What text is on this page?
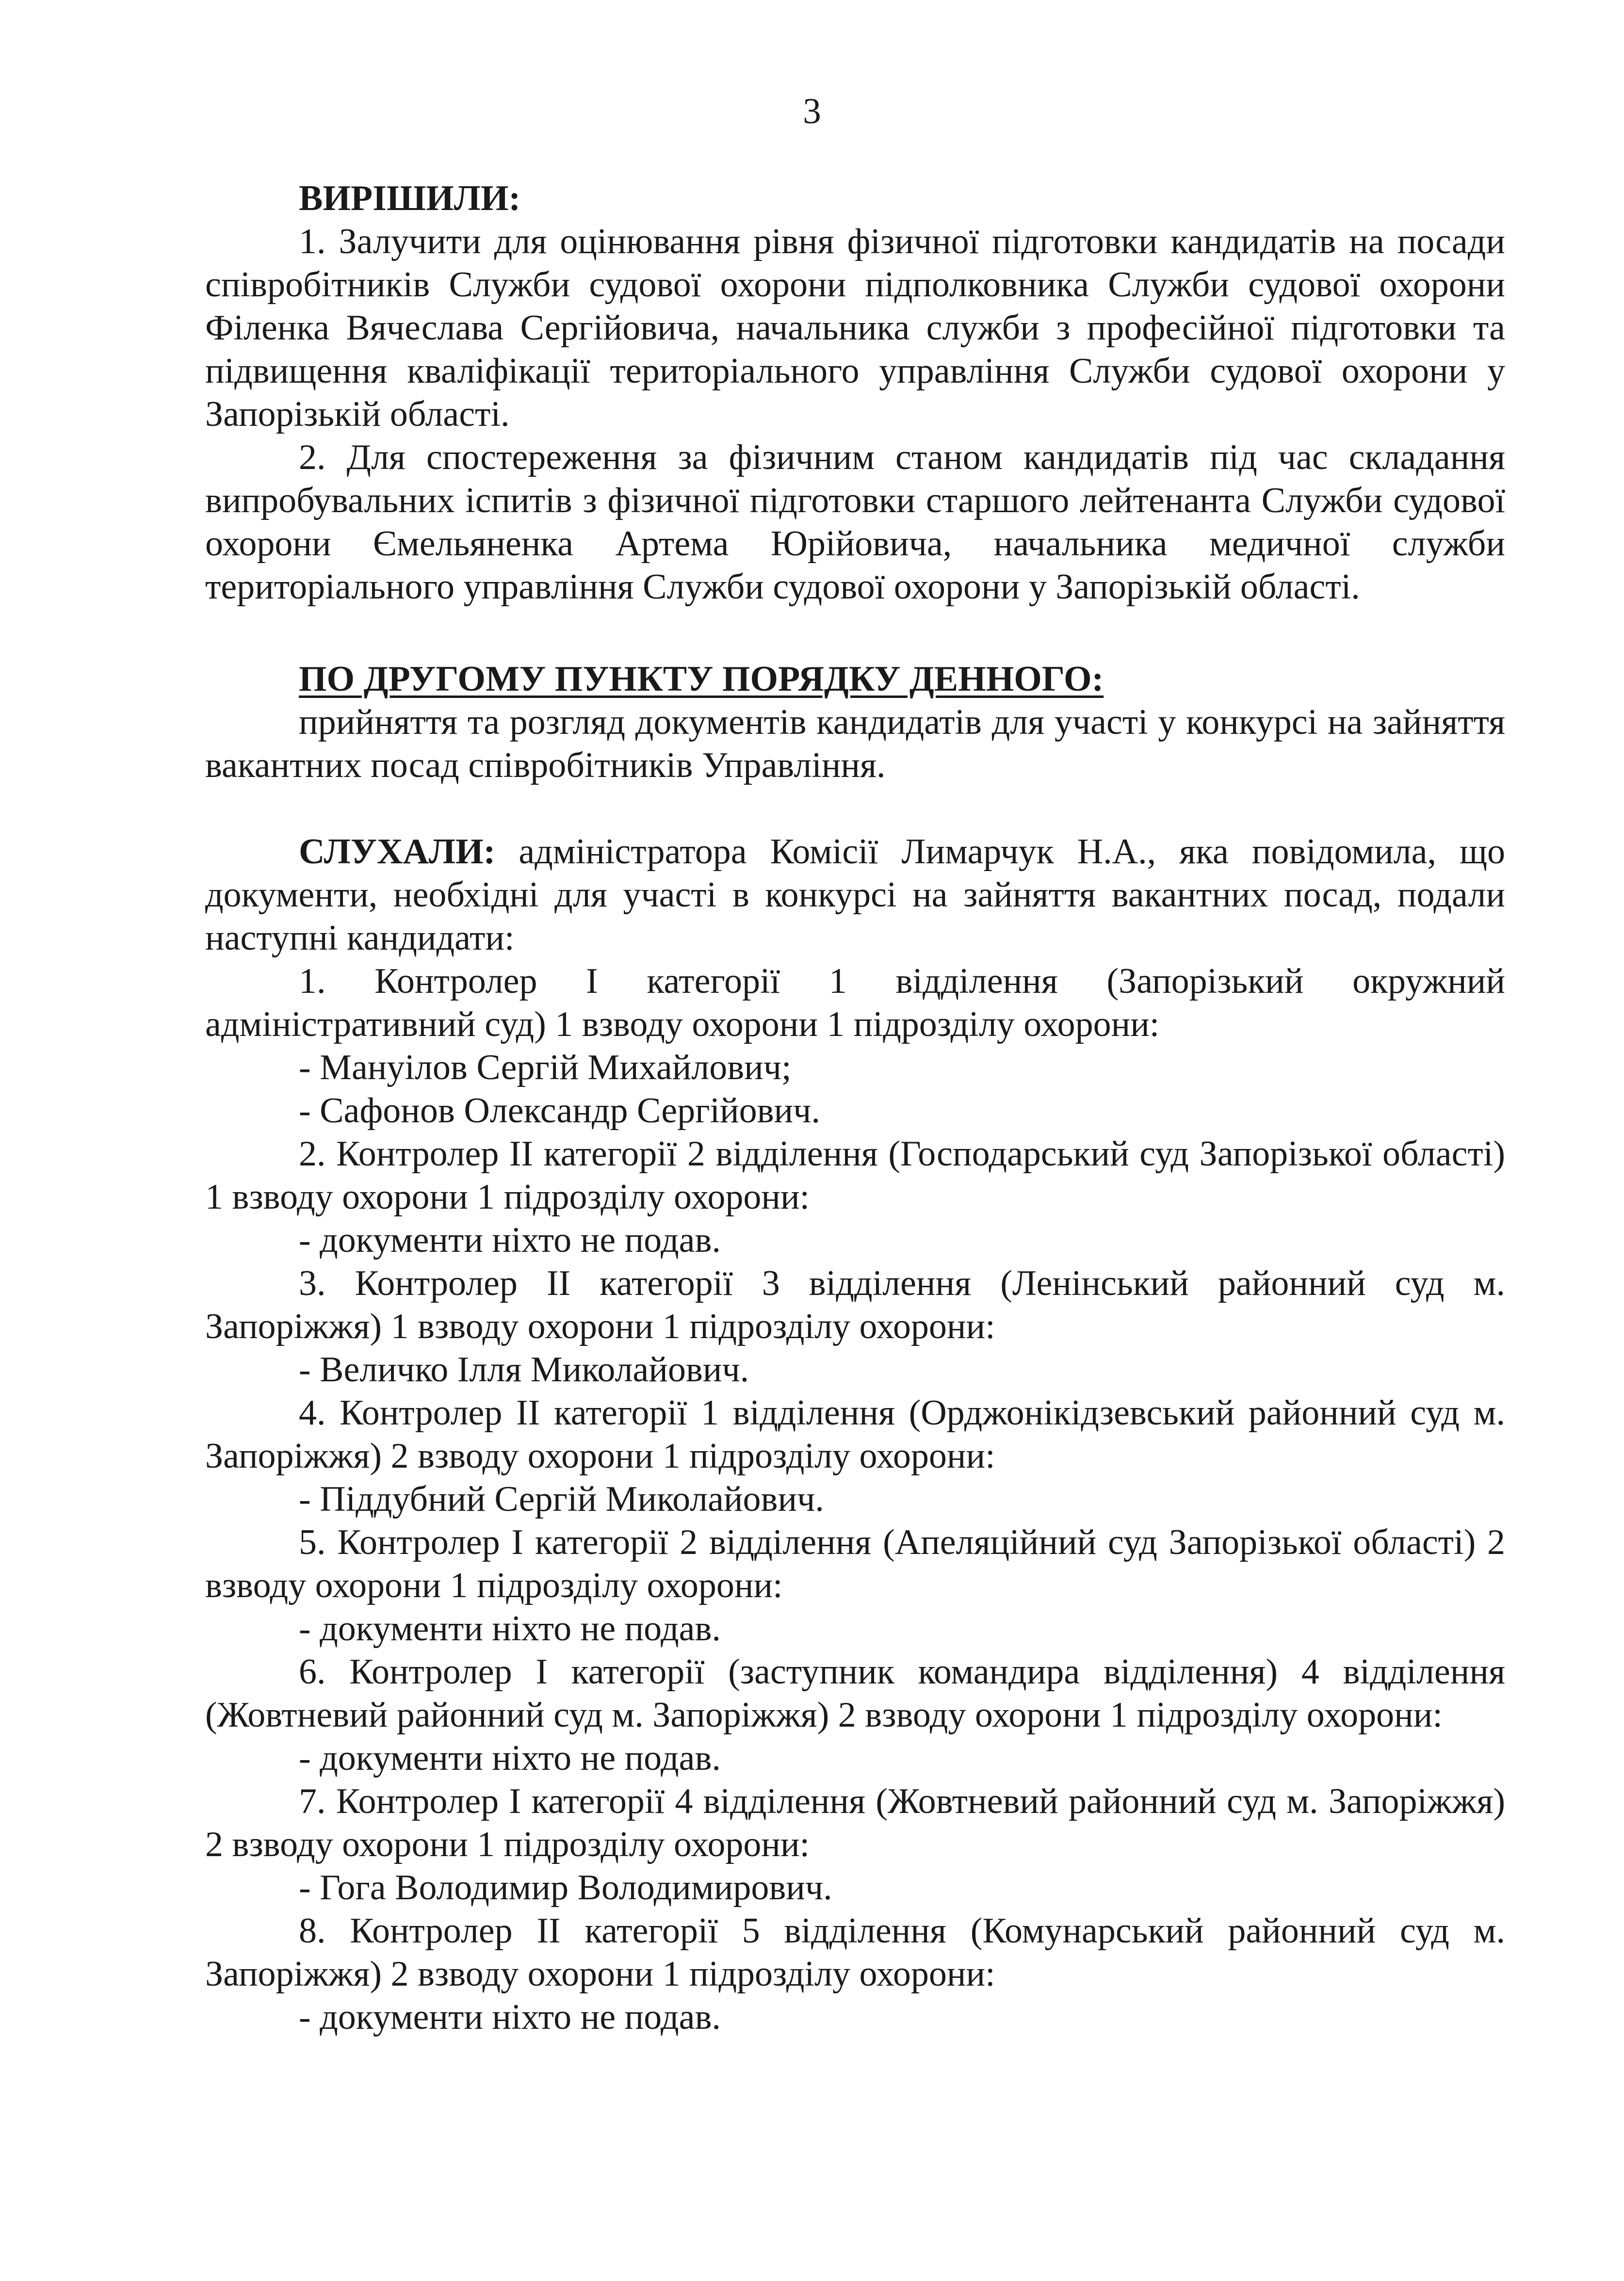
3

ВИРІШИЛИ:

1. Залучити для оцінювання рівня фізичної підготовки кандидатів на посади співробітників Служби судової охорони підполковника Служби судової охорони Філенка Вячеслава Сергійовича, начальника служби з професійної підготовки та підвищення кваліфікації територіального управління Служби судової охорони у Запорізькій області.

2. Для спостереження за фізичним станом кандидатів під час складання випробувальних іспитів з фізичної підготовки старшого лейтенанта Служби судової охорони Ємельяненка Артема Юрійовича, начальника медичної служби територіального управління Служби судової охорони у Запорізькій області.

ПО ДРУГОМУ ПУНКТУ ПОРЯДКУ ДЕННОГО:

прийняття та розгляд документів кандидатів для участі у конкурсі на зайняття вакантних посад співробітників Управління.

СЛУХАЛИ: адміністратора Комісії Лимарчук Н.А., яка повідомила, що документи, необхідні для участі в конкурсі на зайняття вакантних посад, подали наступні кандидати:

1. Контролер І категорії 1 відділення (Запорізький окружний адміністративний суд) 1 взводу охорони 1 підрозділу охорони:

- Мануілов Сергій Михайлович;

- Сафонов Олександр Сергійович.

2. Контролер ІІ категорії 2 відділення (Господарський суд Запорізької області) 1 взводу охорони 1 підрозділу охорони:

- документи ніхто не подав.

3. Контролер ІІ категорії 3 відділення (Ленінський районний суд м. Запоріжжя) 1 взводу охорони 1 підрозділу охорони:

- Величко Ілля Миколайович.

4. Контролер ІІ категорії 1 відділення (Орджонікідзевський районний суд м. Запоріжжя) 2 взводу охорони 1 підрозділу охорони:

- Піддубний Сергій Миколайович.

5. Контролер І категорії 2 відділення (Апеляційний суд Запорізької області) 2 взводу охорони 1 підрозділу охорони:

- документи ніхто не подав.

6. Контролер І категорії (заступник командира відділення) 4 відділення (Жовтневий районний суд м. Запоріжжя) 2 взводу охорони 1 підрозділу охорони:

- документи ніхто не подав.

7. Контролер І категорії 4 відділення (Жовтневий районний суд м. Запоріжжя) 2 взводу охорони 1 підрозділу охорони:

- Гога Володимир Володимирович.

8. Контролер ІІ категорії 5 відділення (Комунарський районний суд м. Запоріжжя) 2 взводу охорони 1 підрозділу охорони:

- документи ніхто не подав.
